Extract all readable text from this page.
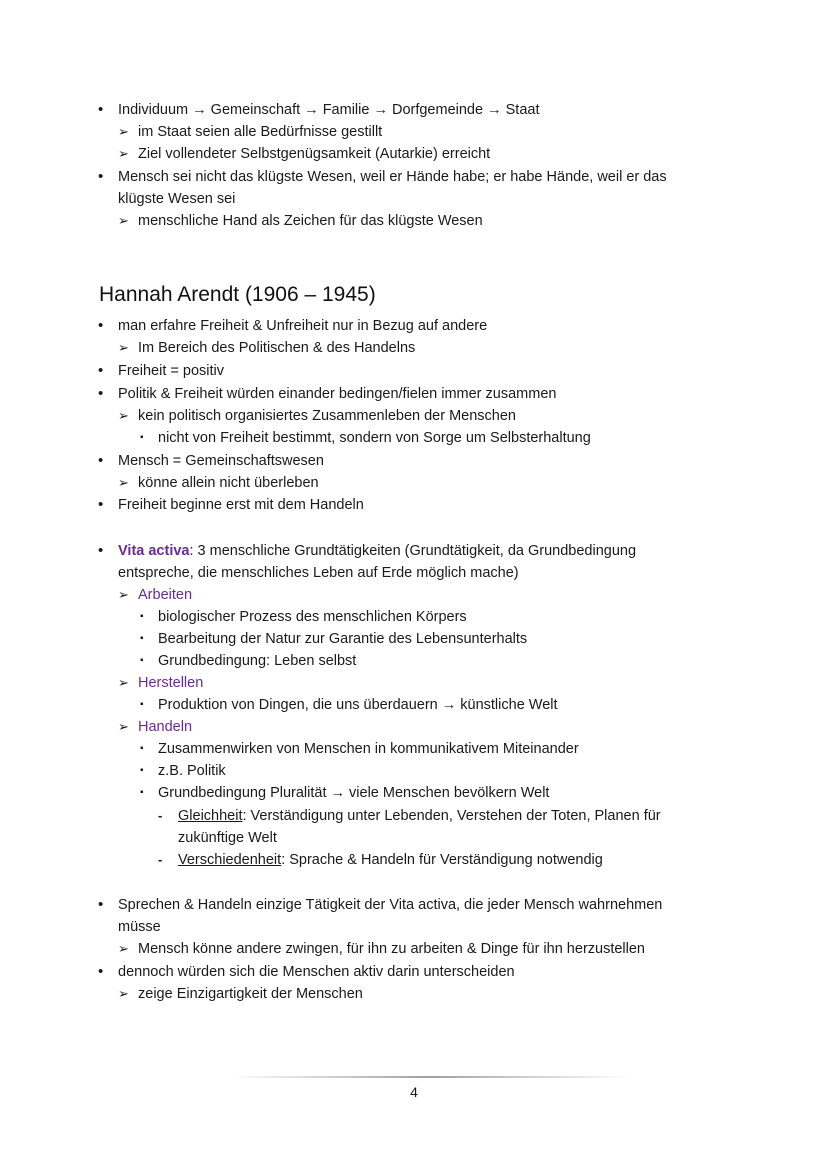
• Individuum → Gemeinschaft → Familie → Dorfgemeinde → Staat
➢ im Staat seien alle Bedürfnisse gestillt
➢ Ziel vollendeter Selbstgenügsamkeit (Autarkie) erreicht
• Mensch sei nicht das klügste Wesen, weil er Hände habe; er habe Hände, weil er das
klügste Wesen sei
➢ menschliche Hand als Zeichen für das klügste Wesen
Hannah Arendt (1906 – 1945)
• man erfahre Freiheit & Unfreiheit nur in Bezug auf andere
➢ Im Bereich des Politischen & des Handelns
• Freiheit = positiv
• Politik & Freiheit würden einander bedingen/fielen immer zusammen
➢ kein politisch organisiertes Zusammenleben der Menschen
▪ nicht von Freiheit bestimmt, sondern von Sorge um Selbsterhaltung
• Mensch = Gemeinschaftswesen
➢ könne allein nicht überleben
• Freiheit beginne erst mit dem Handeln
• Vita activa: 3 menschliche Grundtätigkeiten (Grundtätigkeit, da Grundbedingung
entspreche, die menschliches Leben auf Erde möglich mache)
➢ Arbeiten
▪ biologischer Prozess des menschlichen Körpers
▪ Bearbeitung der Natur zur Garantie des Lebensunterhalts
▪ Grundbedingung: Leben selbst
➢ Herstellen
▪ Produktion von Dingen, die uns überdauern → künstliche Welt
➢ Handeln
▪ Zusammenwirken von Menschen in kommunikativem Miteinander
▪ z.B. Politik
▪ Grundbedingung Pluralität → viele Menschen bevölkern Welt
- Gleichheit: Verständigung unter Lebenden, Verstehen der Toten, Planen für
zukünftige Welt
- Verschiedenheit: Sprache & Handeln für Verständigung notwendig
• Sprechen & Handeln einzige Tätigkeit der Vita activa, die jeder Mensch wahrnehmen
müsse
➢ Mensch könne andere zwingen, für ihn zu arbeiten & Dinge für ihn herzustellen
• dennoch würden sich die Menschen aktiv darin unterscheiden
➢ zeige Einzigartigkeit der Menschen
4
